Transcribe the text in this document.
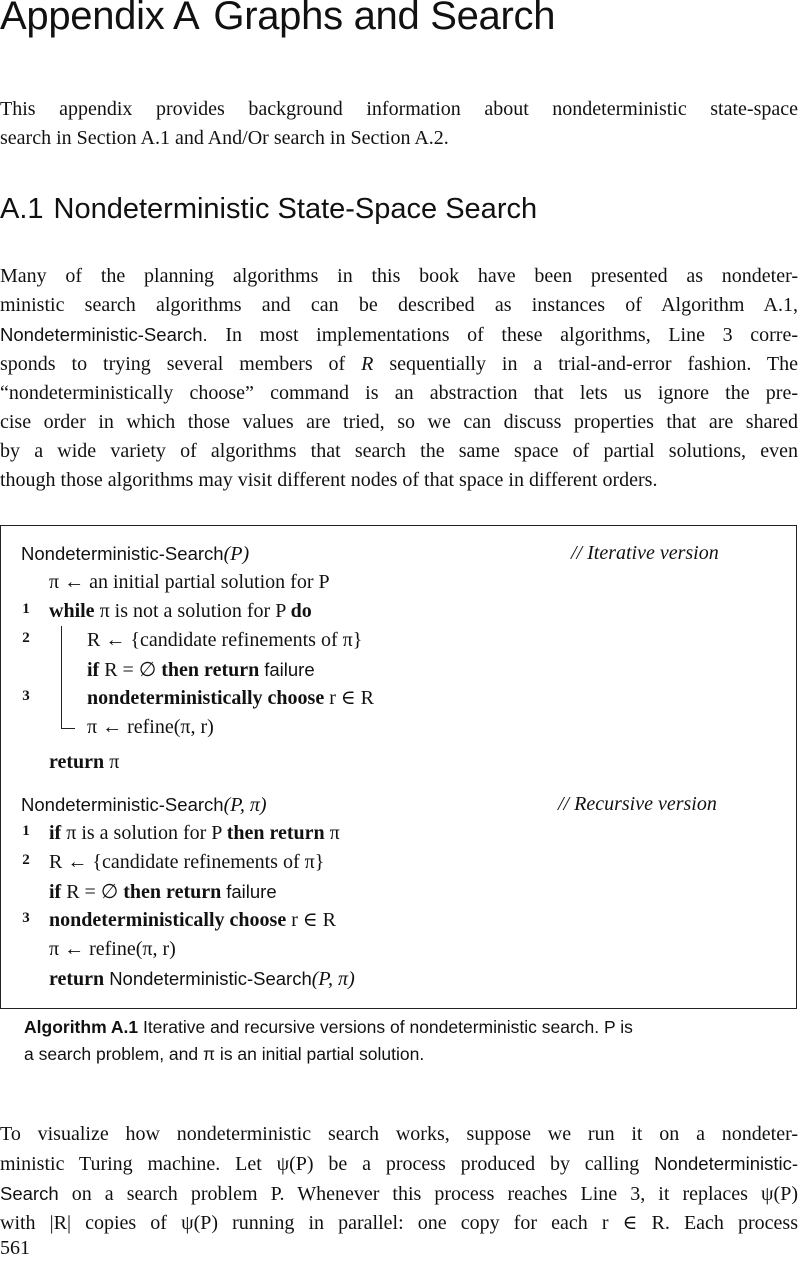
Appendix A Graphs and Search

This appendix provides background information about nondeterministic state-space
search in Section A.1 and And/Or search in Section A.2.

A.1 Nondeterministic State-Space Search

Many of the planning algorithms in this book have been presented as nondeter-
ministic search algorithms and can be described as instances of Algorithm A.1,
Nondeterministic-Search. In most implementations of these algorithms, Line 3 corre-
sponds to trying several members of R sequentially in a trial-and-error fashion. The
“nondeterministically choose” command is an abstraction that lets us ignore the pre-
cise order in which those values are tried, so we can discuss properties that are shared
by a wide variety of algorithms that search the same space of partial solutions, even
though those algorithms may visit different nodes of that space in different orders.

Nondeterministic-Search(P)	// Iterative version
π ← an initial partial solution for P
1 while π is not a solution for P do
2	R ← {candidate refinements of π}
if R = ∅ then return failure
3	nondeterministically choose r ∈ R
π ← refine(π, r)
return π
Nondeterministic-Search(P, π)	// Recursive version
1 if π is a solution for P then return π
2 R ← {candidate refinements of π}
if R = ∅ then return failure
3 nondeterministically choose r ∈ R
π ← refine(π, r)
return Nondeterministic-Search(P, π)

Algorithm A.1 Iterative and recursive versions of nondeterministic search. P is
a search problem, and π is an initial partial solution.

To visualize how nondeterministic search works, suppose we run it on a nondeter-
ministic Turing machine. Let ψ(P) be a process produced by calling Nondeterministic-
Search on a search problem P. Whenever this process reaches Line 3, it replaces ψ(P)
with |R| copies of ψ(P) running in parallel: one copy for each r ∈ R. Each process

561
